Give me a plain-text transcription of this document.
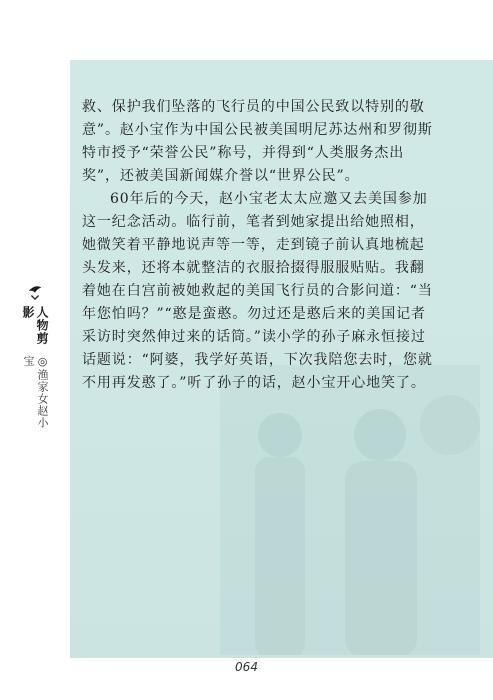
救、保护我们坠落的飞行员的中国公民致以特别的敬意”。赵小宝作为中国公民被美国明尼苏达州和罗彻斯特市授予“荣誉公民”称号，并得到“人类服务杰出奖”，还被美国新闻媒介誉以“世界公民”。

60年后的今天，赵小宝老太太应邀又去美国参加这一纪念活动。临行前，笔者到她家提出给她照相，她微笑着平静地说声等一等，走到镜子前认真地梳起头发来，还将本就整洁的衣服拾掇得服服贴贴。我翻着她在白宫前被她救起的美国飞行员的合影问道：“当年您怕吗？”“憨是蛮憨。勿过还是憨后来的美国记者采访时突然伸过来的话筒。”读小学的孙子麻永恒接过话题说：“阿婆，我学好英语，下次我陪您去时，您就不用再发憨了。”听了孙子的话，赵小宝开心地笑了。

人物剪影
◎渔家女赵小宝
064
